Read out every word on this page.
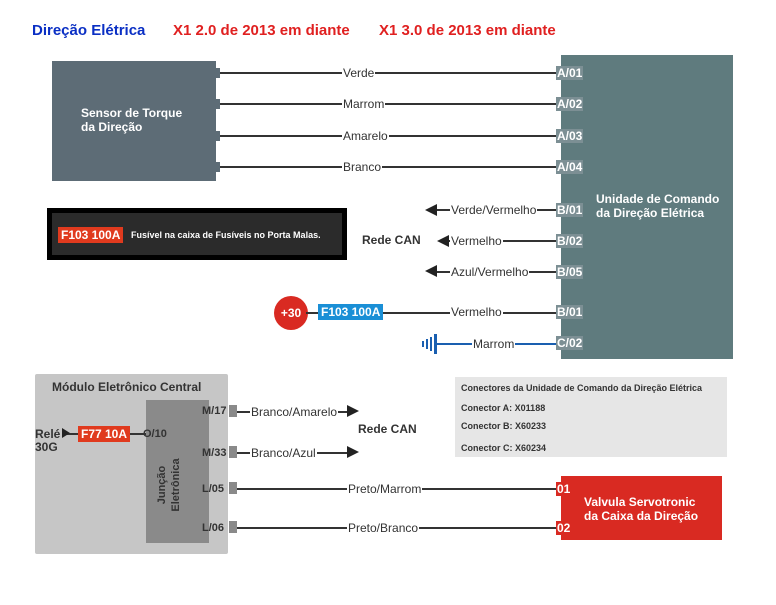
Direção Elétrica X1 2.0 de 2013 em diante X1 3.0 de 2013 em diante
Sensor de Torque
da Direção
Unidade de Comando
da Direção Elétrica
Verde	A/01
Marrom	A/02
Amarelo	A/03
Branco	A/04
F103 100A	Fusível na caixa de Fusíveis no Porta Malas.
Verde/Vermelho B/01
Rede CAN	Vermelho	B/02
Azul/Vermelho B/05
+30	F103 100A	Vermelho	B/01
Marrom	C/02
Módulo Eletrônico Central
Junção Eletrônica
Relé
30G
F77 10A O/10
M/17 Branco/Amarelo
Rede CAN
M/33 Branco/Azul
L/05	Preto/Marrom
L/06	Preto/Branco
Conectores da Unidade de Comando da Direção Elétrica
Conector A: X01188
Conector B: X60233
Conector C: X60234
Valvula Servotronic
da Caixa da Direção
01
02
